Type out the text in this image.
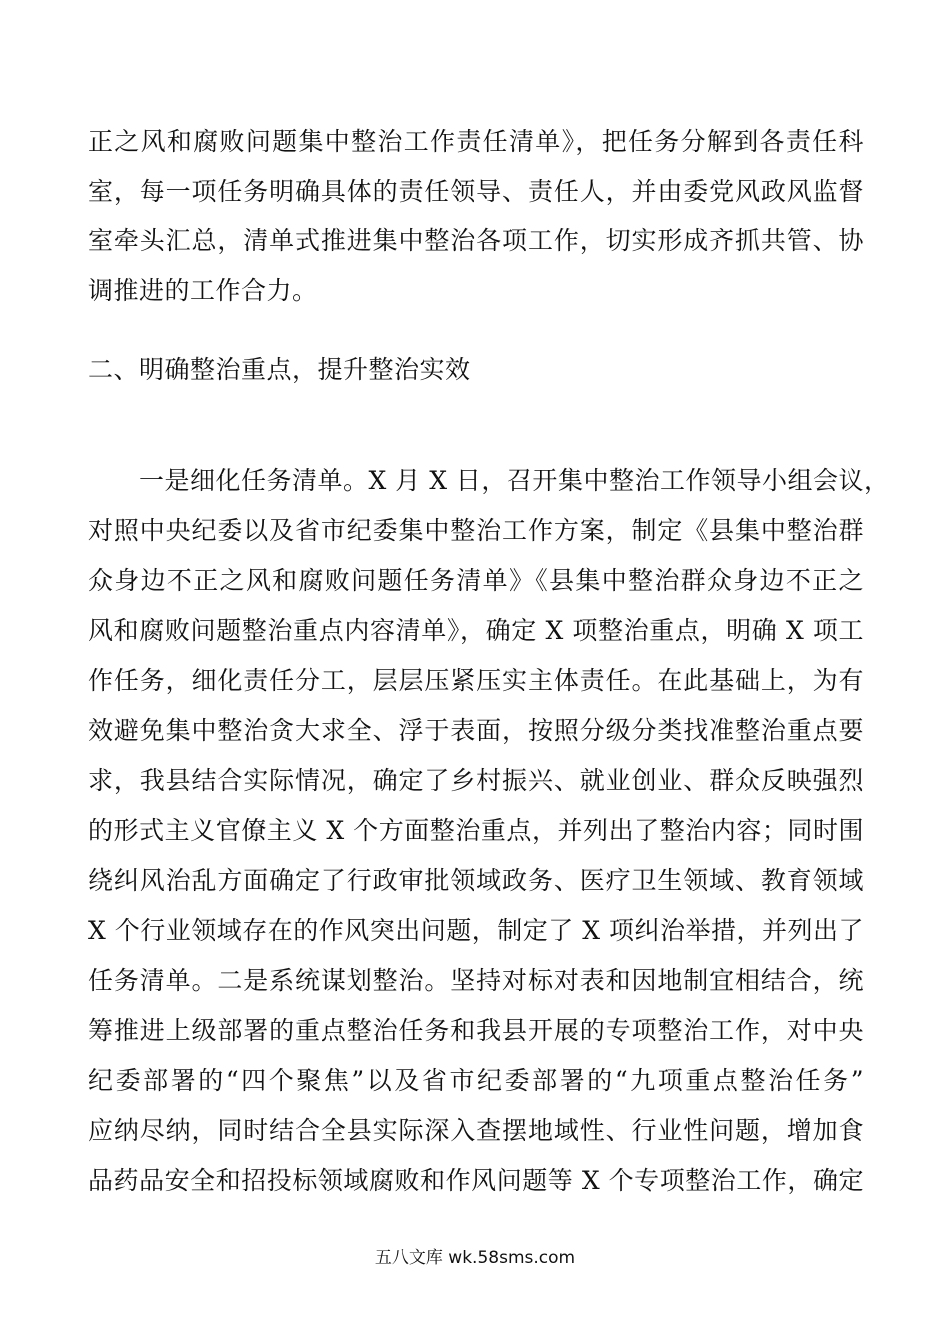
正之风和腐败问题集中整治工作责任清单》，把任务分解到各责任科
室，每一项任务明确具体的责任领导、责任人，并由委党风政风监督
室牵头汇总，清单式推进集中整治各项工作，切实形成齐抓共管、协
调推进的工作合力。
二、明确整治重点，提升整治实效
　　一是细化任务清单。X 月 X 日，召开集中整治工作领导小组会议，
对照中央纪委以及省市纪委集中整治工作方案，制定《县集中整治群
众身边不正之风和腐败问题任务清单》《县集中整治群众身边不正之
风和腐败问题整治重点内容清单》，确定 X 项整治重点，明确 X 项工
作任务，细化责任分工，层层压紧压实主体责任。在此基础上，为有
效避免集中整治贪大求全、浮于表面，按照分级分类找准整治重点要
求，我县结合实际情况，确定了乡村振兴、就业创业、群众反映强烈
的形式主义官僚主义 X 个方面整治重点，并列出了整治内容；同时围
绕纠风治乱方面确定了行政审批领域政务、医疗卫生领域、教育领域
X 个行业领域存在的作风突出问题，制定了 X 项纠治举措，并列出了
任务清单。二是系统谋划整治。坚持对标对表和因地制宜相结合，统
筹推进上级部署的重点整治任务和我县开展的专项整治工作，对中央
纪委部署的“四个聚焦”以及省市纪委部署的“九项重点整治任务”
应纳尽纳，同时结合全县实际深入查摆地域性、行业性问题，增加食
品药品安全和招投标领域腐败和作风问题等 X 个专项整治工作，确定
五八文库 wk.58sms.com
